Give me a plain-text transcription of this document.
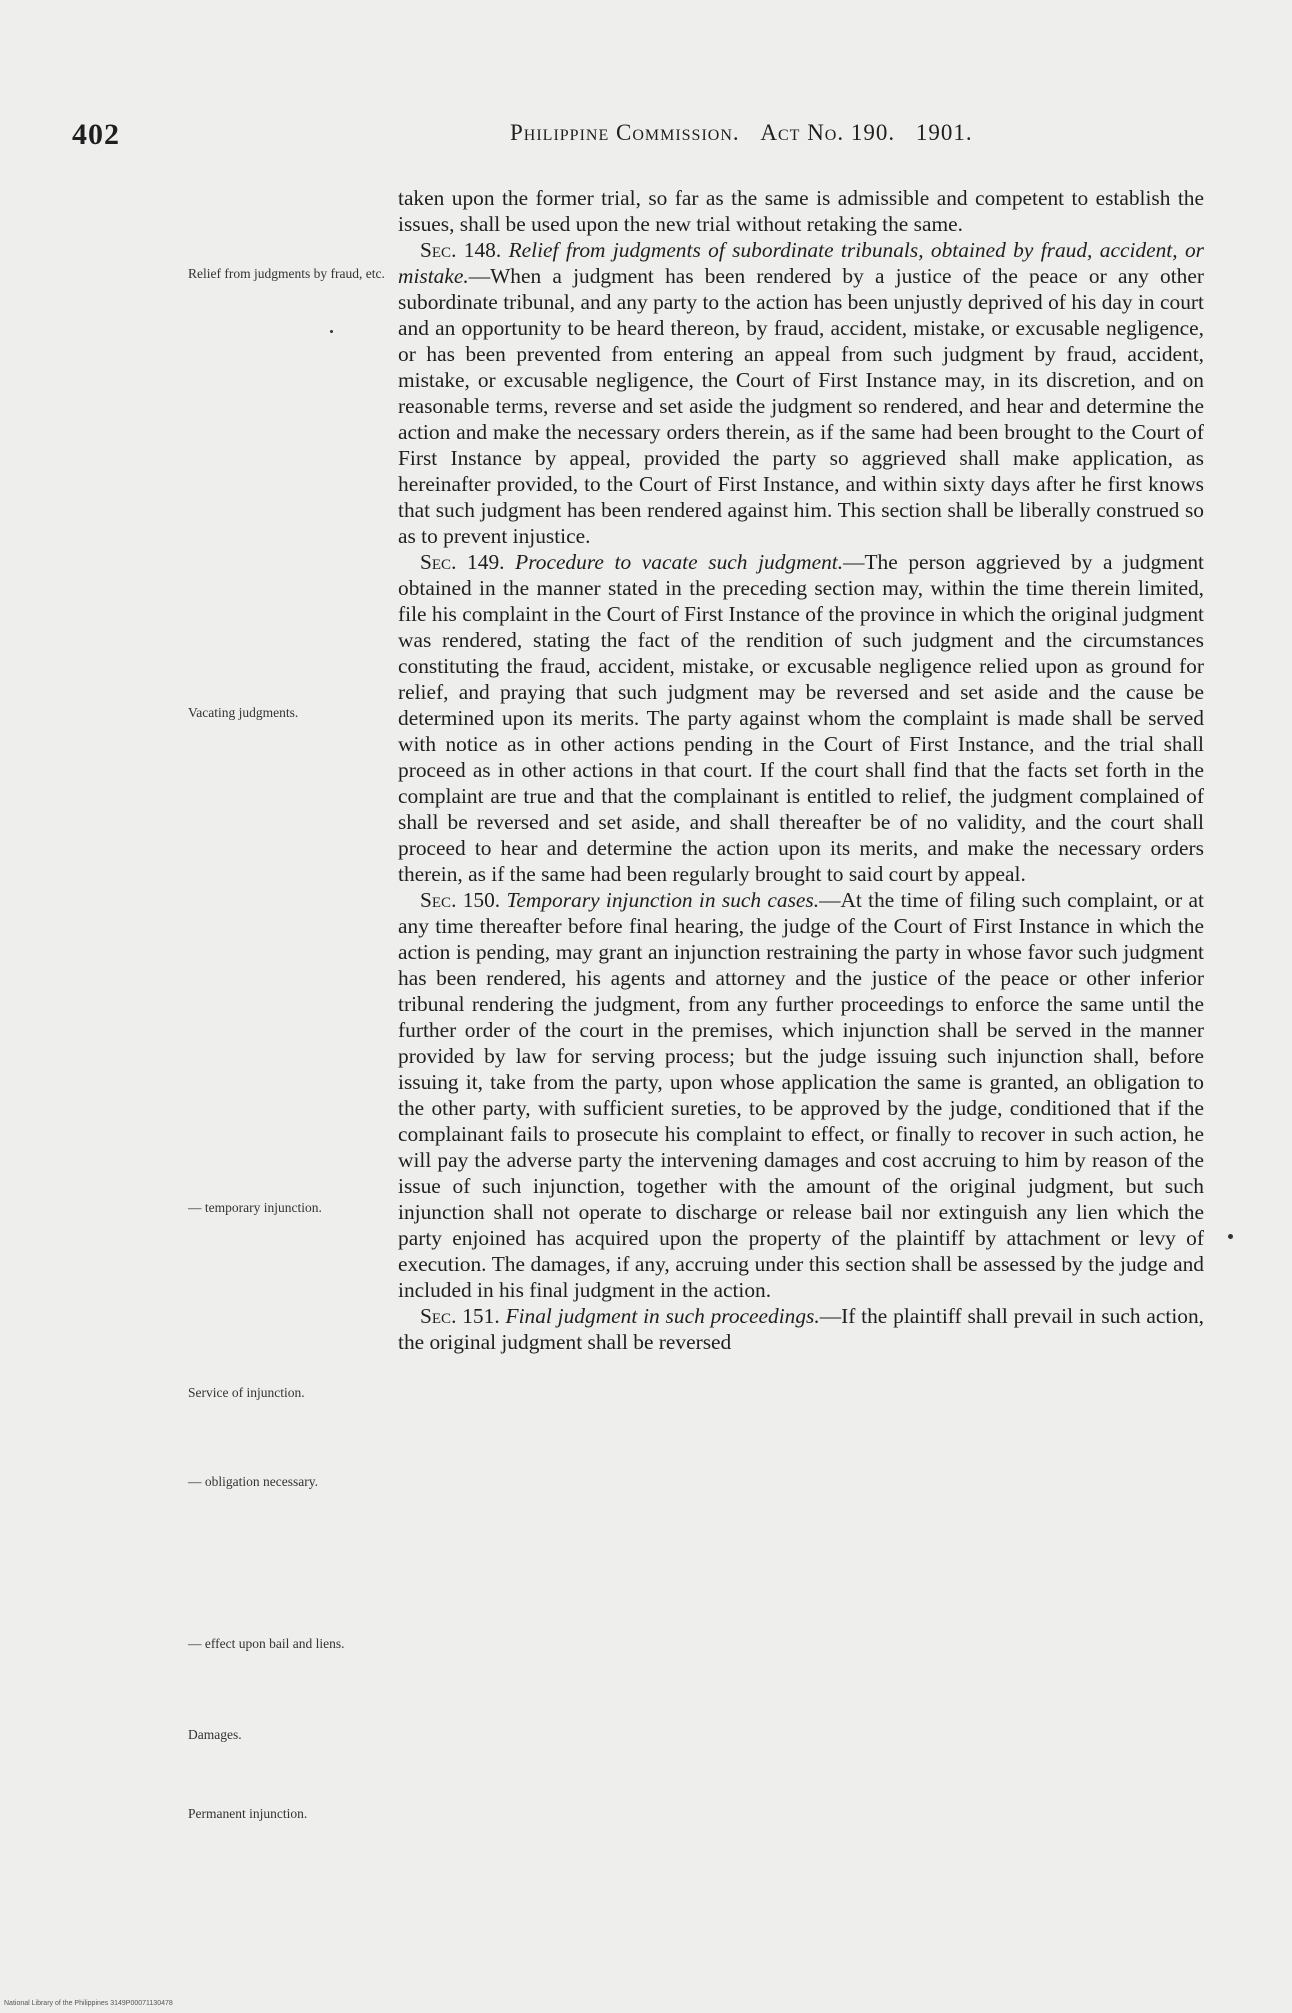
402	Philippine Commission. Act No. 190. 1901.
Relief from judgments by fraud, etc.
Vacating judgments.
— temporary injunction.
Service of injunction.
— obligation necessary.
— effect upon bail and liens.
Damages.
Permanent injunction.

taken upon the former trial, so far as the same is admissible and competent to establish the issues, shall be used upon the new trial without retaking the same.

Sec. 148. Relief from judgments of subordinate tribunals, obtained by fraud, accident, or mistake.—When a judgment has been rendered by a justice of the peace or any other subordinate tribunal, and any party to the action has been unjustly deprived of his day in court and an opportunity to be heard thereon, by fraud, accident, mistake, or excusable negligence, or has been prevented from entering an appeal from such judgment by fraud, accident, mistake, or excusable negligence, the Court of First Instance may, in its discretion, and on reasonable terms, reverse and set aside the judgment so rendered, and hear and determine the action and make the necessary orders therein, as if the same had been brought to the Court of First Instance by appeal, provided the party so aggrieved shall make application, as hereinafter provided, to the Court of First Instance, and within sixty days after he first knows that such judgment has been rendered against him. This section shall be liberally construed so as to prevent injustice.

Sec. 149. Procedure to vacate such judgment.—The person aggrieved by a judgment obtained in the manner stated in the preceding section may, within the time therein limited, file his complaint in the Court of First Instance of the province in which the original judgment was rendered, stating the fact of the rendition of such judgment and the circumstances constituting the fraud, accident, mistake, or excusable negligence relied upon as ground for relief, and praying that such judgment may be reversed and set aside and the cause be determined upon its merits. The party against whom the complaint is made shall be served with notice as in other actions pending in the Court of First Instance, and the trial shall proceed as in other actions in that court. If the court shall find that the facts set forth in the complaint are true and that the complainant is entitled to relief, the judgment complained of shall be reversed and set aside, and shall thereafter be of no validity, and the court shall proceed to hear and determine the action upon its merits, and make the necessary orders therein, as if the same had been regularly brought to said court by appeal.

Sec. 150. Temporary injunction in such cases.—At the time of filing such complaint, or at any time thereafter before final hearing, the judge of the Court of First Instance in which the action is pending, may grant an injunction restraining the party in whose favor such judgment has been rendered, his agents and attorney and the justice of the peace or other inferior tribunal rendering the judgment, from any further proceedings to enforce the same until the further order of the court in the premises, which injunction shall be served in the manner provided by law for serving process; but the judge issuing such injunction shall, before issuing it, take from the party, upon whose application the same is granted, an obligation to the other party, with sufficient sureties, to be approved by the judge, conditioned that if the complainant fails to prosecute his complaint to effect, or finally to recover in such action, he will pay the adverse party the intervening damages and cost accruing to him by reason of the issue of such injunction, together with the amount of the original judgment, but such injunction shall not operate to discharge or release bail nor extinguish any lien which the party enjoined has acquired upon the property of the plaintiff by attachment or levy of execution. The damages, if any, accruing under this section shall be assessed by the judge and included in his final judgment in the action.

Sec. 151. Final judgment in such proceedings.—If the plaintiff shall prevail in such action, the original judgment shall be reversed

National Library of the Philippines 3149P00071130478
